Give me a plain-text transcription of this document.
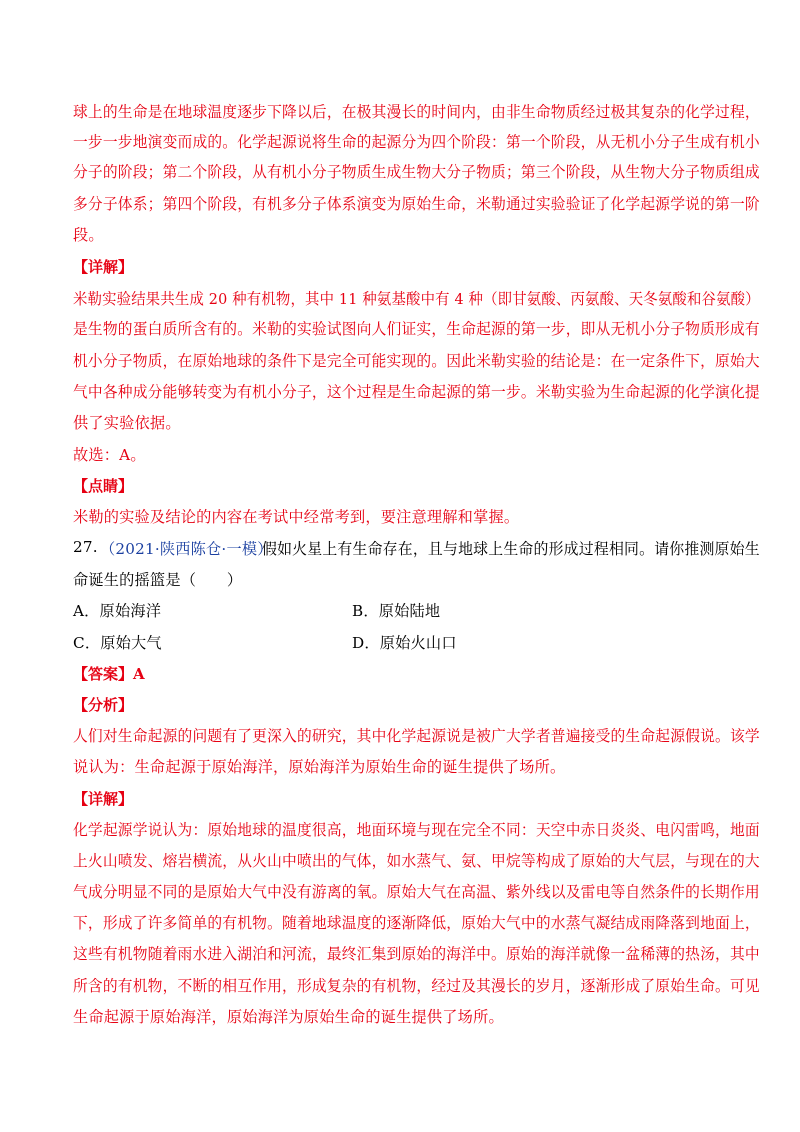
球上的生命是在地球温度逐步下降以后，在极其漫长的时间内，由非生命物质经过极其复杂的化学过程，
一步一步地演变而成的。化学起源说将生命的起源分为四个阶段：第一个阶段，从无机小分子生成有机小
分子的阶段；第二个阶段，从有机小分子物质生成生物大分子物质；第三个阶段，从生物大分子物质组成
多分子体系；第四个阶段，有机多分子体系演变为原始生命，米勒通过实验验证了化学起源学说的第一阶
段。
【详解】
米勒实验结果共生成 20 种有机物，其中 11 种氨基酸中有 4 种（即甘氨酸、丙氨酸、天冬氨酸和谷氨酸）
是生物的蛋白质所含有的。米勒的实验试图向人们证实，生命起源的第一步，即从无机小分子物质形成有
机小分子物质，在原始地球的条件下是完全可能实现的。因此米勒实验的结论是：在一定条件下，原始大
气中各种成分能够转变为有机小分子，这个过程是生命起源的第一步。米勒实验为生命起源的化学演化提
供了实验依据。
故选：A。
【点睛】
米勒的实验及结论的内容在考试中经常考到，要注意理解和掌握。
27. （2021·陕西陈仓·一模）
假如火星上有生命存在，且与地球上生命的形成过程相同。请你推测原始生
命诞生的摇篮是（　　）
A．原始海洋	B．原始陆地
C．原始大气	D．原始火山口
【答案】A
【分析】
人们对生命起源的问题有了更深入的研究，其中化学起源说是被广大学者普遍接受的生命起源假说。该学
说认为：生命起源于原始海洋，原始海洋为原始生命的诞生提供了场所。
【详解】
化学起源学说认为：原始地球的温度很高，地面环境与现在完全不同：天空中赤日炎炎、电闪雷鸣，地面
上火山喷发、熔岩横流，从火山中喷出的气体，如水蒸气、氨、甲烷等构成了原始的大气层，与现在的大
气成分明显不同的是原始大气中没有游离的氧。原始大气在高温、紫外线以及雷电等自然条件的长期作用
下，形成了许多简单的有机物。随着地球温度的逐渐降低，原始大气中的水蒸气凝结成雨降落到地面上，
这些有机物随着雨水进入湖泊和河流，最终汇集到原始的海洋中。原始的海洋就像一盆稀薄的热汤，其中
所含的有机物，不断的相互作用，形成复杂的有机物，经过及其漫长的岁月，逐渐形成了原始生命。可见
生命起源于原始海洋，原始海洋为原始生命的诞生提供了场所。
